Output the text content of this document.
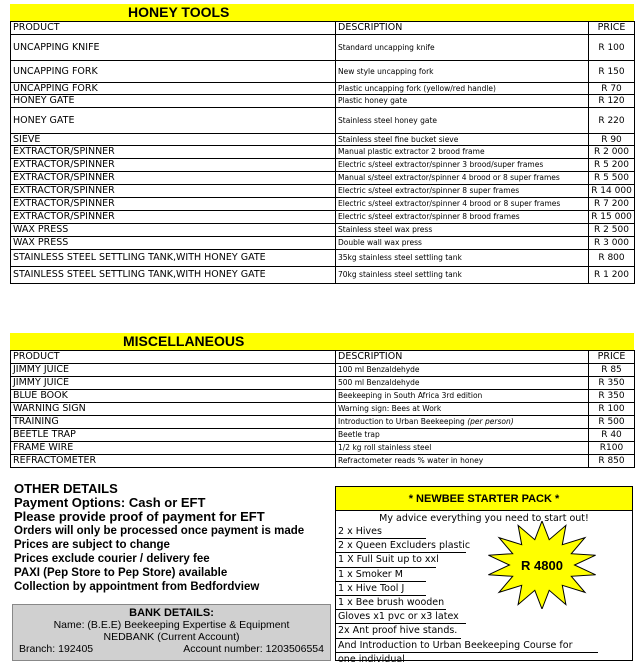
HONEY TOOLS
PRODUCT	DESCRIPTION	PRICE
UNCAPPING KNIFE	Standard uncapping knife	R 100
UNCAPPING FORK	New style uncapping fork	R 150
UNCAPPING FORK	Plastic uncapping fork (yellow/red handle)	R 70
HONEY GATE	Plastic honey gate	R 120
HONEY GATE	Stainless steel honey gate	R 220
SIEVE	Stainless steel fine bucket sieve	R 90
EXTRACTOR/SPINNER	Manual plastic extractor 2 brood frame	R 2 000
EXTRACTOR/SPINNER	Electric s/steel extractor/spinner 3 brood/super frames	R 5 200
EXTRACTOR/SPINNER	Manual s/steel extractor/spinner 4 brood or 8 super frames	R 5 500
EXTRACTOR/SPINNER	Electric s/steel extractor/spinner 8 super frames	R 14 000
EXTRACTOR/SPINNER	Electric s/steel extractor/spinner 4 brood or 8 super frames	R 7 200
EXTRACTOR/SPINNER	Electric s/steel extractor/spinner 8 brood frames	R 15 000
WAX PRESS	Stainless steel wax press	R 2 500
WAX PRESS	Double wall wax press	R 3 000
STAINLESS STEEL SETTLING TANK,WITH HONEY GATE	35kg stainless steel settling tank	R 800
STAINLESS STEEL SETTLING TANK,WITH HONEY GATE	70kg stainless steel settling tank	R 1 200
MISCELLANEOUS
PRODUCT	DESCRIPTION	PRICE
JIMMY JUICE	100 ml Benzaldehyde	R 85
JIMMY JUICE	500 ml Benzaldehyde	R 350
BLUE BOOK	Beekeeping in South Africa 3rd edition	R 350
WARNING SIGN	Warning sign: Bees at Work	R 100
TRAINING	Introduction to Urban Beekeeping (per person)	R 500
BEETLE TRAP	Beetle trap	R 40
FRAME WIRE	1/2 kg roll stainless steel	R100
REFRACTOMETER	Refractometer reads % water in honey	R 850
OTHER DETAILS
Payment Options: Cash or EFT
Please provide proof of payment for EFT
Orders will only be processed once payment is made
Prices are subject to change
Prices exclude courier / delivery fee
PAXI (Pep Store to Pep Store) available
Collection by appointment from Bedfordview
BANK DETAILS:
Name: (B.E.E) Beekeeping Expertise & Equipment
NEDBANK (Current Account)
Branch: 192405	Account number: 1203506554
* NEWBEE STARTER PACK *
My advice everything you need to start out!
2 x Hives
2 x Queen Excluders plastic
1 X Full Suit up to xxl
1 x Smoker M
1 x Hive Tool J
1 x Bee brush wooden
Gloves x1 pvc or x3 latex
2x Ant proof hive stands.
And Introduction to Urban Beekeeping Course for
one individual
R 4800
